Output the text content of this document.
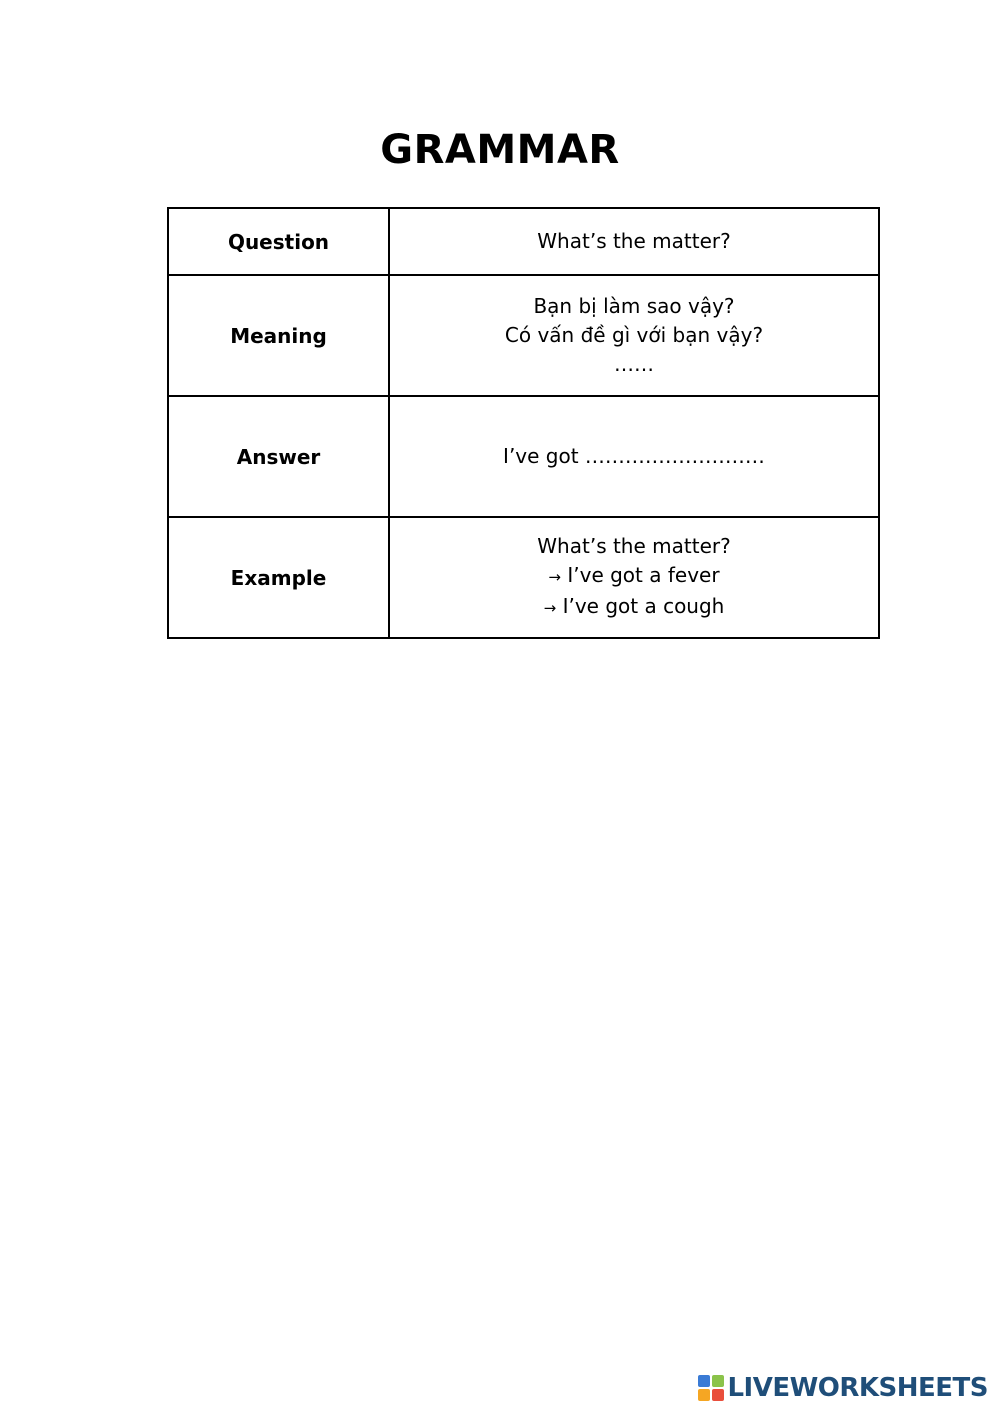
GRAMMAR
Question	What’s the matter?

Meaning	Bạn bị làm sao vậy?
Có vấn đề gì với bạn vậy?
……

Answer	I’ve got ………………………

Example	What’s the matter?
→ I’ve got a fever
→ I’ve got a cough
LIVEWORKSHEETS
